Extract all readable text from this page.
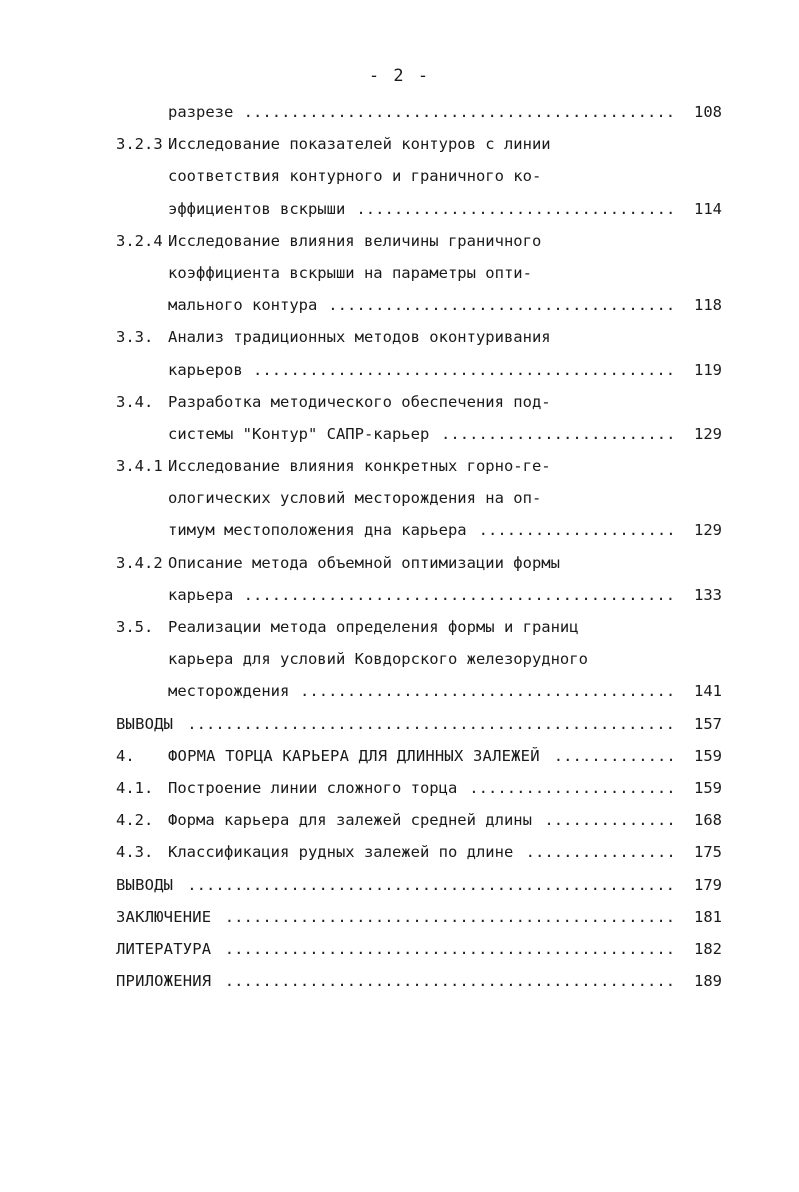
- 2 -
разрезе	108
..............................................
3.2.3 Исследование показателей контуров с линии
соответствия контурного и граничного ко-
эффициентов вскрыши	114
..................................
3.2.4 Исследование влияния величины граничного
коэффициента вскрыши на параметры опти-
мального контура	118
.....................................
3.3. Анализ традиционных методов оконтуривания
карьеров	119
.............................................
3.4. Разработка методического обеспечения под-
системы "Контур" САПР-карьер	129
.........................
3.4.1 Исследование влияния конкретных горно-ге-
ологических условий месторождения на оп-
тимум местоположения дна карьера	129
.....................
3.4.2 Описание метода объемной оптимизации формы
карьера	133
..............................................
3.5. Реализации метода определения формы и границ
карьера для условий Ковдорского железорудного
месторождения	141
........................................
ВЫВОДЫ	157
....................................................
4. ФОРМА ТОРЦА КАРЬЕРА ДЛЯ ДЛИННЫХ ЗАЛЕЖЕЙ	159
.............
4.1. Построение линии сложного торца	159
......................
4.2. Форма карьера для залежей средней длины	168
..............
4.3. Классификация рудных залежей по длине	175
................
ВЫВОДЫ	179
....................................................
ЗАКЛЮЧЕНИЕ	181
................................................
ЛИТЕРАТУРА	182
................................................
ПРИЛОЖЕНИЯ	189
................................................
